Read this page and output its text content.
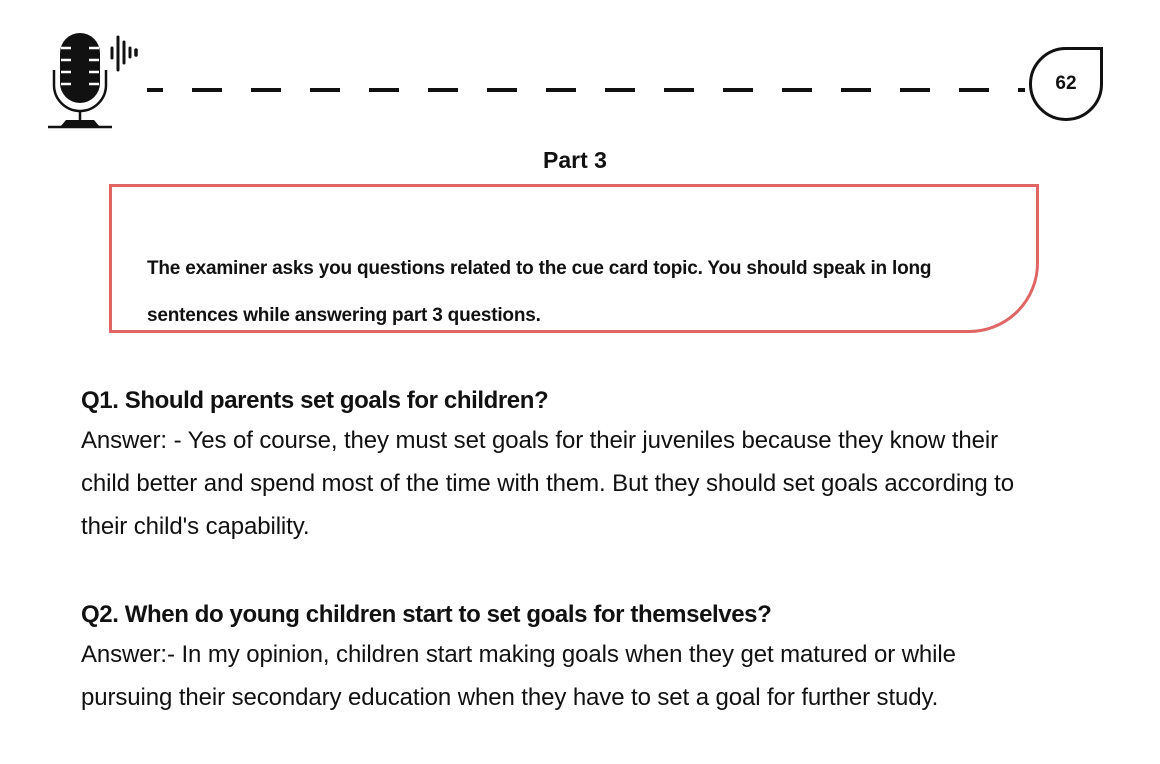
62
Part 3
The examiner asks you questions related to the cue card topic. You should speak in long sentences while answering part 3 questions.
Q1. Should parents set goals for children?
Answer: - Yes of course, they must set goals for their juveniles because they know their child better and spend most of the time with them. But they should set goals according to their child's capability.
Q2. When do young children start to set goals for themselves?
Answer:- In my opinion, children start making goals when they get matured or while pursuing their secondary education when they have to set a goal for further study.
